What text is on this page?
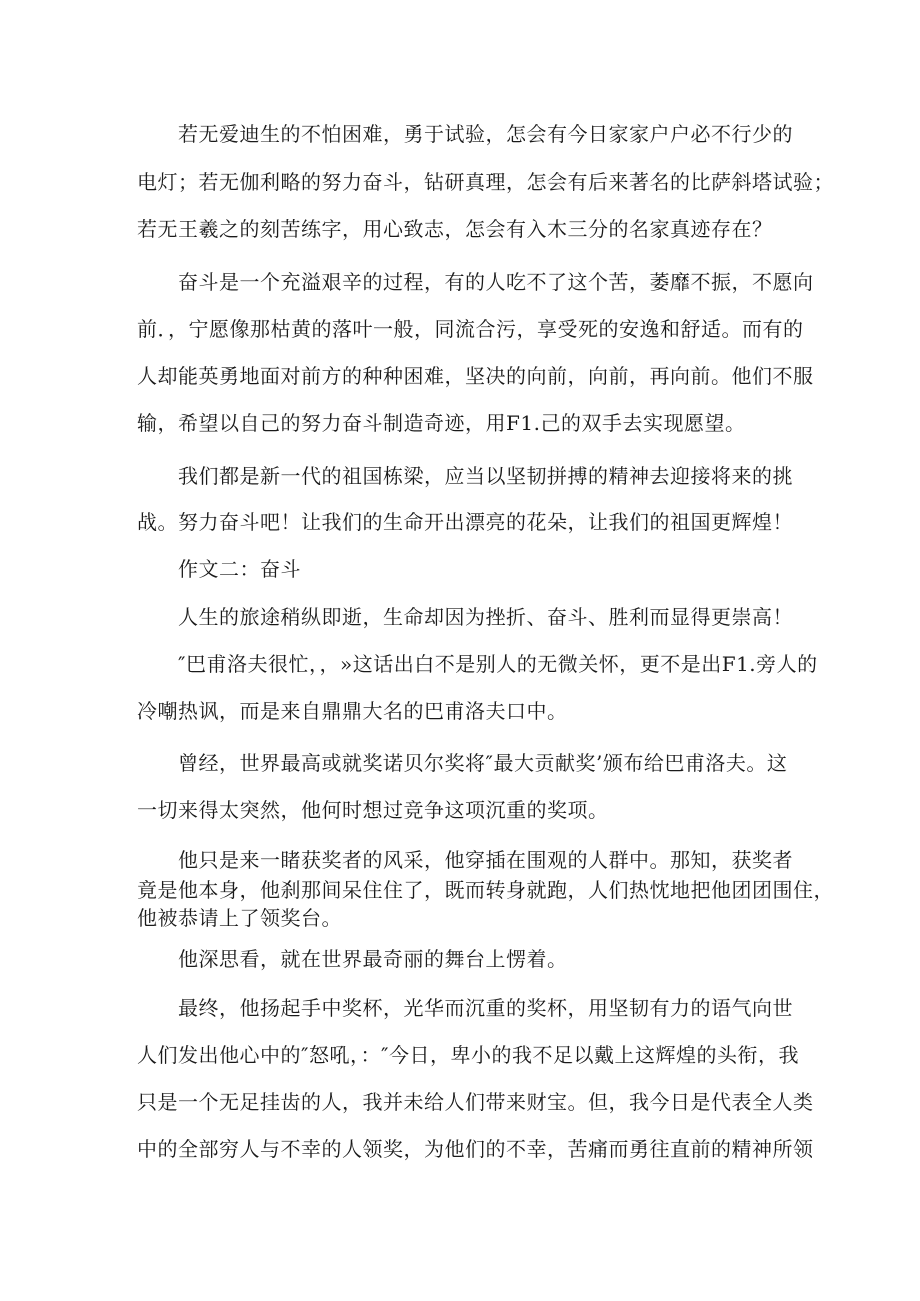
若无爱迪生的不怕困难，勇于试验，怎会有今日家家户户必不行少的
电灯；若无伽利略的努力奋斗，钻研真理，怎会有后来著名的比萨斜塔试验；
若无王羲之的刻苦练字，用心致志，怎会有入木三分的名家真迹存在？
奋斗是一个充溢艰辛的过程，有的人吃不了这个苦，萎靡不振，不愿向
前．，宁愿像那枯黄的落叶一般，同流合污，享受死的安逸和舒适。而有的
人却能英勇地面对前方的种种困难，坚决的向前，向前，再向前。他们不服
输，希望以自己的努力奋斗制造奇迹，用F1.己的双手去实现愿望。
我们都是新一代的祖国栋梁，应当以坚韧拼搏的精神去迎接将来的挑
战。努力奋斗吧！让我们的生命开出漂亮的花朵，让我们的祖国更辉煌！
作文二：奋斗
人生的旅途稍纵即逝，生命却因为挫折、奋斗、胜利而显得更崇高！
″巴甫洛夫很忙，，»这话出白不是别人的无微关怀，更不是出F1.旁人的
冷嘲热讽，而是来自鼎鼎大名的巴甫洛夫口中。
曾经，世界最高或就奖诺贝尔奖将″最大贡献奖’颁布给巴甫洛夫。这
一切来得太突然，他何时想过竞争这项沉重的奖项。
他只是来一睹获奖者的风采，他穿插在围观的人群中。那知，获奖者
竟是他本身，他刹那间呆住住了，既而转身就跑，人们热忱地把他团团围住，
他被恭请上了领奖台。
他深思看，就在世界最奇丽的舞台上愣着。
最终，他扬起手中奖杯，光华而沉重的奖杯，用坚韧有力的语气向世
人们发出他心中的″怒吼，：″今日，卑小的我不足以戴上这辉煌的头衔，我
只是一个无足挂齿的人，我并未给人们带来财宝。但，我今日是代表全人类
中的全部穷人与不幸的人领奖，为他们的不幸，苦痛而勇往直前的精神所领
